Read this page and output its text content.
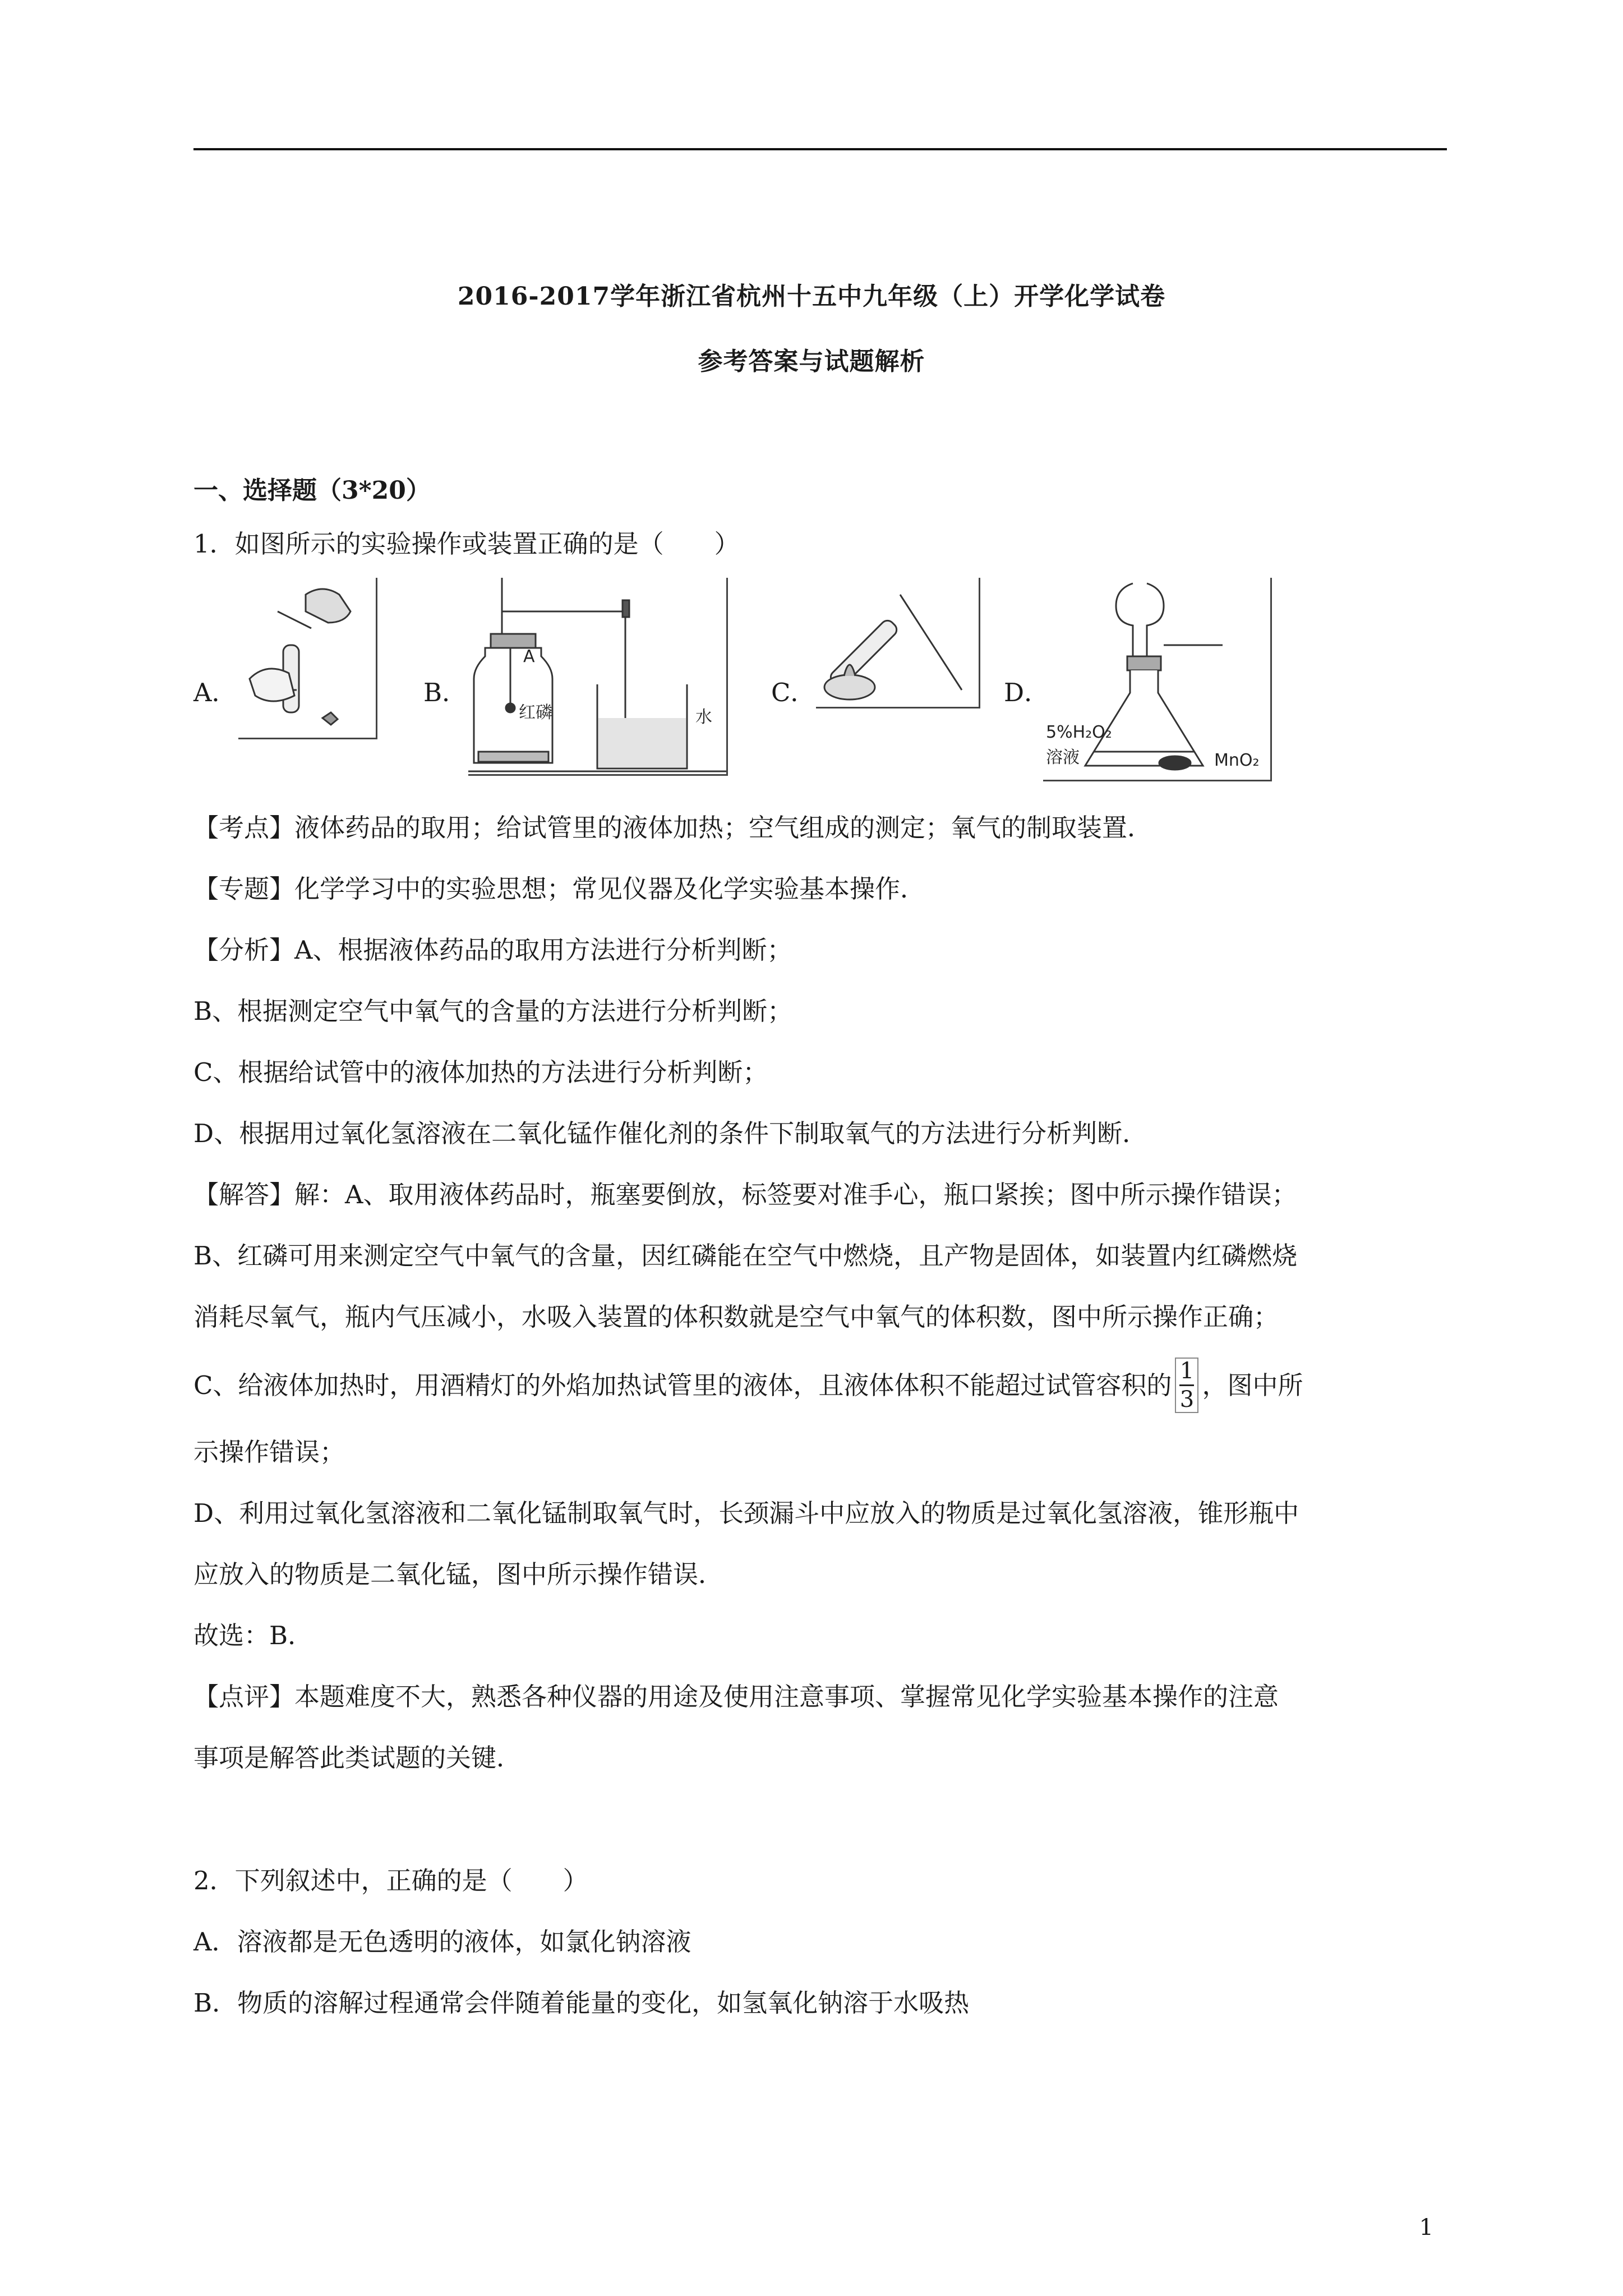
2016-2017学年浙江省杭州十五中九年级（上）开学化学试卷
参考答案与试题解析
一、选择题（3*20）
1．如图所示的实验操作或装置正确的是（　　）
A．	B．	C．	D．
A
红磷	水
5%H₂O₂
溶液	MnO₂
【考点】液体药品的取用；给试管里的液体加热；空气组成的测定；氧气的制取装置．
【专题】化学学习中的实验思想；常见仪器及化学实验基本操作．
【分析】A、根据液体药品的取用方法进行分析判断；
B、根据测定空气中氧气的含量的方法进行分析判断；
C、根据给试管中的液体加热的方法进行分析判断；
D、根据用过氧化氢溶液在二氧化锰作催化剂的条件下制取氧气的方法进行分析判断．
【解答】解：A、取用液体药品时，瓶塞要倒放，标签要对准手心，瓶口紧挨；图中所示操作错误；
B、红磷可用来测定空气中氧气的含量，因红磷能在空气中燃烧，且产物是固体，如装置内红磷燃烧
消耗尽氧气，瓶内气压减小，水吸入装置的体积数就是空气中氧气的体积数，图中所示操作正确；
C、给液体加热时，用酒精灯的外焰加热试管里的液体，且液体体积不能超过试管容积的 $\frac{1}{3}$ ，图中所
示操作错误；
D、利用过氧化氢溶液和二氧化锰制取氧气时，长颈漏斗中应放入的物质是过氧化氢溶液，锥形瓶中
应放入的物质是二氧化锰，图中所示操作错误．
故选：B．
【点评】本题难度不大，熟悉各种仪器的用途及使用注意事项、掌握常见化学实验基本操作的注意
事项是解答此类试题的关键．
2．下列叙述中，正确的是（　　）
A．溶液都是无色透明的液体，如氯化钠溶液
B．物质的溶解过程通常会伴随着能量的变化，如氢氧化钠溶于水吸热
1
